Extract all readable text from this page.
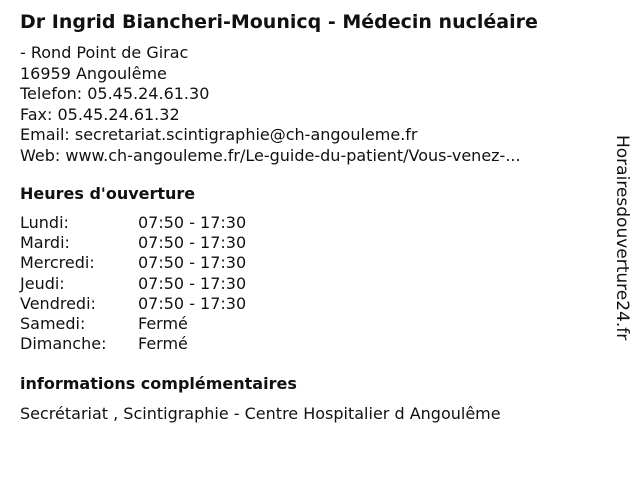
Dr Ingrid Biancheri-Mounicq - Médecin nucléaire
- Rond Point de Girac
16959 Angoulême
Telefon: 05.45.24.61.30
Fax: 05.45.24.61.32
Email: secretariat.scintigraphie@ch-angouleme.fr
Web: www.ch-angouleme.fr/Le-guide-du-patient/Vous-venez-...
Heures d'ouverture
Lundi:	07:50 - 17:30
Mardi:	07:50 - 17:30
Mercredi:	07:50 - 17:30
Jeudi:	07:50 - 17:30
Vendredi:	07:50 - 17:30
Samedi:	Fermé
Dimanche:	Fermé
informations complémentaires
Secrétariat , Scintigraphie - Centre Hospitalier d Angoulême
Horairesdouverture24.fr
